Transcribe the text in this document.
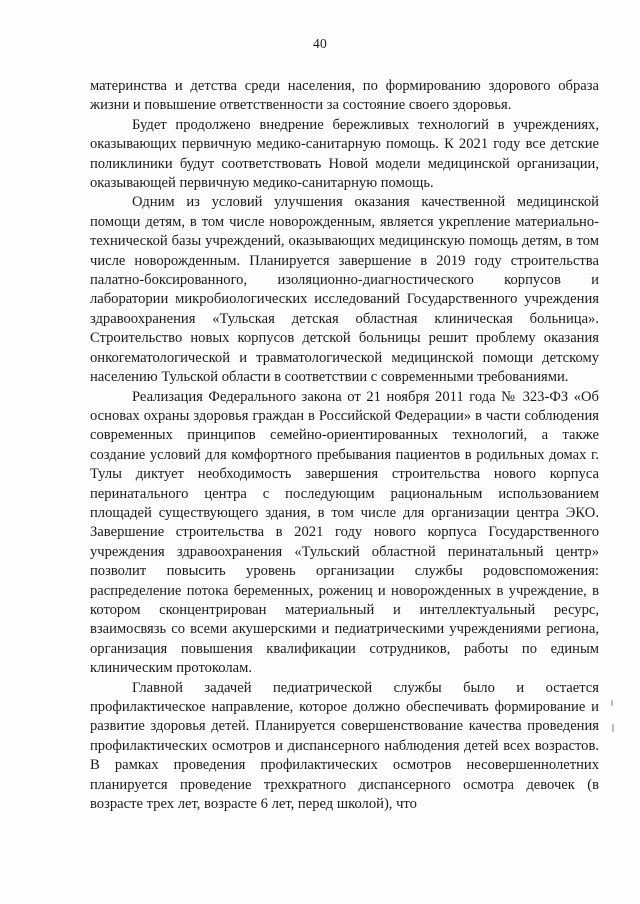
40

материнства и детства среди населения, по формированию здорового образа жизни и повышение ответственности за состояние своего здоровья.

Будет продолжено внедрение бережливых технологий в учреждениях, оказывающих первичную медико-санитарную помощь. К 2021 году все детские поликлиники будут соответствовать Новой модели медицинской организации, оказывающей первичную медико-санитарную помощь.

Одним из условий улучшения оказания качественной медицинской помощи детям, в том числе новорожденным, является укрепление материально-технической базы учреждений, оказывающих медицинскую помощь детям, в том числе новорожденным. Планируется завершение в 2019 году строительства палатно-боксированного, изоляционно-диагностического корпусов и лаборатории микробиологических исследований Государственного учреждения здравоохранения «Тульская детская областная клиническая больница». Строительство новых корпусов детской больницы решит проблему оказания онкогематологической и травматологической медицинской помощи детскому населению Тульской области в соответствии с современными требованиями.

Реализация Федерального закона от 21 ноября 2011 года № 323-ФЗ «Об основах охраны здоровья граждан в Российской Федерации» в части соблюдения современных принципов семейно-ориентированных технологий, а также создание условий для комфортного пребывания пациентов в родильных домах г. Тулы диктует необходимость завершения строительства нового корпуса перинатального центра с последующим рациональным использованием площадей существующего здания, в том числе для организации центра ЭКО. Завершение строительства в 2021 году нового корпуса Государственного учреждения здравоохранения «Тульский областной перинатальный центр» позволит повысить уровень организации службы родовспоможения: распределение потока беременных, рожениц и новорожденных в учреждение, в котором сконцентрирован материальный и интеллектуальный ресурс, взаимосвязь со всеми акушерскими и педиатрическими учреждениями региона, организация повышения квалификации сотрудников, работы по единым клиническим протоколам.

Главной задачей педиатрической службы было и остается профилактическое направление, которое должно обеспечивать формирование и развитие здоровья детей. Планируется совершенствование качества проведения профилактических осмотров и диспансерного наблюдения детей всех возрастов. В рамках проведения профилактических осмотров несовершеннолетних планируется проведение трехкратного диспансерного осмотра девочек (в возрасте трех лет, возрасте 6 лет, перед школой), что
